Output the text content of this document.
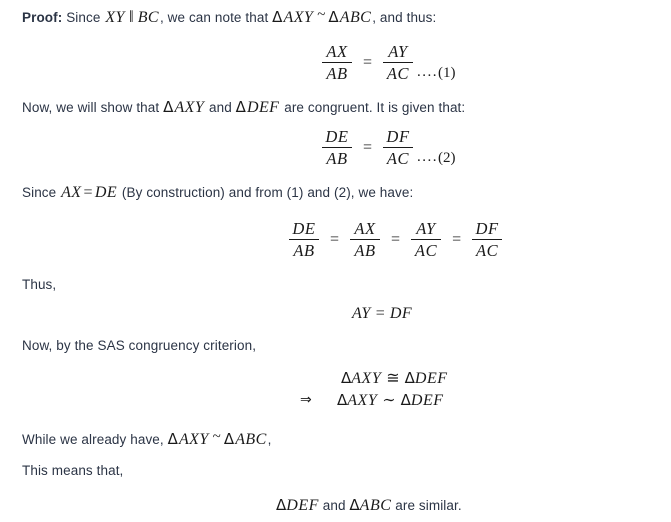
Proof: Since XY ‖ BC, we can note that ΔAXY ~ ΔABC, and thus:
$\frac{AX}{AB} = \frac{AY}{AC}$ .... (1)
Now, we will show that ΔAXY and ΔDEF are congruent. It is given that:
$\frac{DE}{AB} = \frac{DF}{AC}$ .... (2)
Since AX = DE (By construction) and from (1) and (2), we have:
$\frac{DE}{AB} = \frac{AX}{AB} = \frac{AY}{AC} = \frac{DF}{AC}$
Thus,
AY = DF
Now, by the SAS congruency criterion,
ΔAXY ≅ ΔDEF
⇒ ΔAXY ∼ ΔDEF
While we already have, ΔAXY ~ ΔABC,
This means that,
ΔDEF and ΔABC are similar.
